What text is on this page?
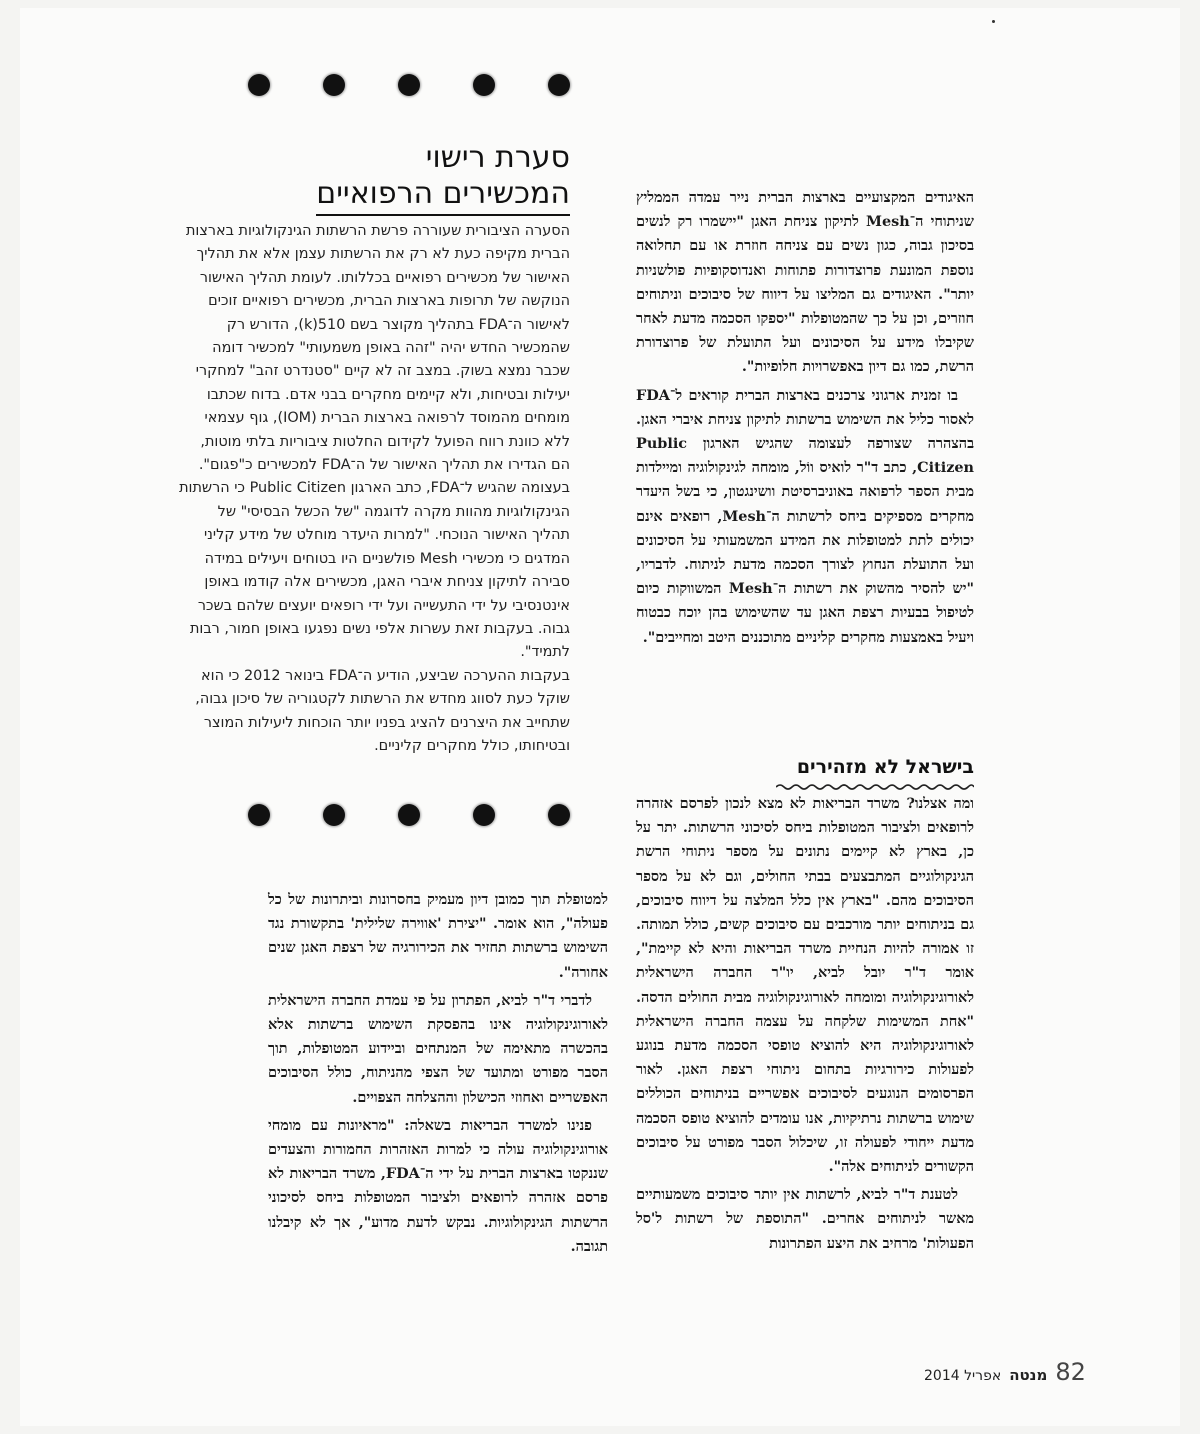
סערת רישוי
המכשירים הרפואיים

הסערה הציבורית שעוררה פרשת הרשתות הגינקולוגיות בארצות הברית מקיפה כעת לא רק את הרשתות עצמן אלא את תהליך האישור של מכשירים רפואיים בכללותו. לעומת תהליך האישור הנוקשה של תרופות בארצות הברית, מכשירים רפואיים זוכים לאישור ה־FDA בתהליך מקוצר בשם 510(k), הדורש רק שהמכשיר החדש יהיה "זהה באופן משמעותי" למכשיר דומה שכבר נמצא בשוק. במצב זה לא קיים "סטנדרט זהב" למחקרי יעילות ובטיחות, ולא קיימים מחקרים בבני אדם. בדוח שכתבו מומחים מהמוסד לרפואה בארצות הברית (IOM), גוף עצמאי ללא כוונת רווח הפועל לקידום החלטות ציבוריות בלתי מוטות, הם הגדירו את תהליך האישור של ה־FDA למכשירים כ"פגום".

בעצומה שהגיש ל־FDA, כתב הארגון Public Citizen כי הרשתות הגינקולוגיות מהוות מקרה לדוגמה "של הכשל הבסיסי" של תהליך האישור הנוכחי. "למרות היעדר מוחלט של מידע קליני המדגים כי מכשירי Mesh פולשניים היו בטוחים ויעילים במידה סבירה לתיקון צניחת איברי האגן, מכשירים אלה קודמו באופן אינטנסיבי על ידי התעשייה ועל ידי רופאים יועצים שלהם בשכר גבוה. בעקבות זאת עשרות אלפי נשים נפגעו באופן חמור, רבות לתמיד".

בעקבות ההערכה שביצע, הודיע ה־FDA בינואר 2012 כי הוא שוקל כעת לסווג מחדש את הרשתות לקטגוריה של סיכון גבוה, שתחייב את היצרנים להציג בפניו יותר הוכחות ליעילות המוצר ובטיחותו, כולל מחקרים קליניים.

האיגודים המקצועיים בארצות הברית נייר עמדה הממליץ שניתוחי ה־Mesh לתיקון צניחת האגן "יישמרו רק לנשים בסיכון גבוה, כגון נשים עם צניחה חוזרת או עם תחלואה נוספת המונעת פרוצדורות פתוחות ואנדוסקופיות פולשניות יותר". האיגודים גם המליצו על דיווח של סיבוכים וניתוחים חוזרים, וכן על כך שהמטופלות "יספקו הסכמה מדעת לאחר שקיבלו מידע על הסיכונים ועל התועלת של פרוצדורת הרשת, כמו גם דיון באפשרויות חלופיות".

בו זמנית ארגוני צרכנים בארצות הברית קוראים ל־FDA לאסור כליל את השימוש ברשתות לתיקון צניחת איברי האגן. בהצהרה שצורפה לעצומה שהגיש הארגון Public Citizen, כתב ד"ר לואיס ווֹל, מומחה לגינקולוגיה ומיילדות מבית הספר לרפואה באוניברסיטת וושינגטון, כי בשל היעדר מחקרים מספיקים ביחס לרשתות ה־Mesh, רופאים אינם יכולים לתת למטופלות את המידע המשמעותי על הסיכונים ועל התועלת הנחוץ לצורך הסכמה מדעת לניתוח. לדבריו, "יש להסיר מהשוק את רשתות ה־Mesh המשווקות כיום לטיפול בבעיות רצפת האגן עד שהשימוש בהן יוכח כבטוח ויעיל באמצעות מחקרים קליניים מתוכננים היטב ומחייבים".

בישראל לא מזהירים

ומה אצלנו? משרד הבריאות לא מצא לנכון לפרסם אזהרה לרופאים ולציבור המטופלות ביחס לסיכוני הרשתות. יתר על כן, בארץ לא קיימים נתונים על מספר ניתוחי הרשת הגינקולוגיים המתבצעים בבתי החולים, וגם לא על מספר הסיבוכים מהם. "בארץ אין כלל המלצה על דיווח סיבוכים, גם בניתוחים יותר מורכבים עם סיבוכים קשים, כולל תמותה. זו אמורה להיות הנחיית משרד הבריאות והיא לא קיימת", אומר ד"ר יובל לביא, יו"ר החברה הישראלית לאורוגינקולוגיה ומומחה לאורוגינקולוגיה מבית החולים הדסה. "אחת המשימות שלקחה על עצמה החברה הישראלית לאורוגינקולוגיה היא להוציא טופסי הסכמה מדעת בנוגע לפעולות כירורגיות בתחום ניתוחי רצפת האגן. לאור הפרסומים הנוגעים לסיבוכים אפשריים בניתוחים הכוללים שימוש ברשתות נרתיקיות, אנו עומדים להוציא טופס הסכמה מדעת ייחודי לפעולה זו, שיכלול הסבר מפורט על סיבוכים הקשורים לניתוחים אלה".

לטענת ד"ר לביא, לרשתות אין יותר סיבוכים משמעותיים מאשר לניתוחים אחרים. "התוספת של רשתות ל'סל הפעולות' מרחיב את היצע הפתרונות

למטופלת תוך כמובן דיון מעמיק בחסרונות וביתרונות של כל פעולה", הוא אומר. "יצירת 'אווירה שלילית' בתקשורת נגד השימוש ברשתות תחזיר את הכירורגיה של רצפת האגן שנים אחורה".

לדברי ד"ר לביא, הפתרון על פי עמדת החברה הישראלית לאורוגינקולוגיה אינו בהפסקת השימוש ברשתות אלא בהכשרה מתאימה של המנתחים וביידוע המטופלות, תוך הסבר מפורט ומתועד של הצפי מהניתוח, כולל הסיבוכים האפשריים ואחוזי הכישלון וההצלחה הצפויים.

פנינו למשרד הבריאות בשאלה: "מראיונות עם מומחי אורוגינקולוגיה עולה כי למרות האזהרות החמורות והצעדים שננקטו בארצות הברית על ידי ה־FDA, משרד הבריאות לא פרסם אזהרה לרופאים ולציבור המטופלות ביחס לסיכוני הרשתות הגינקולוגיות. נבקש לדעת מדוע", אך לא קיבלנו תגובה.

82
מנטה
אפריל 2014
